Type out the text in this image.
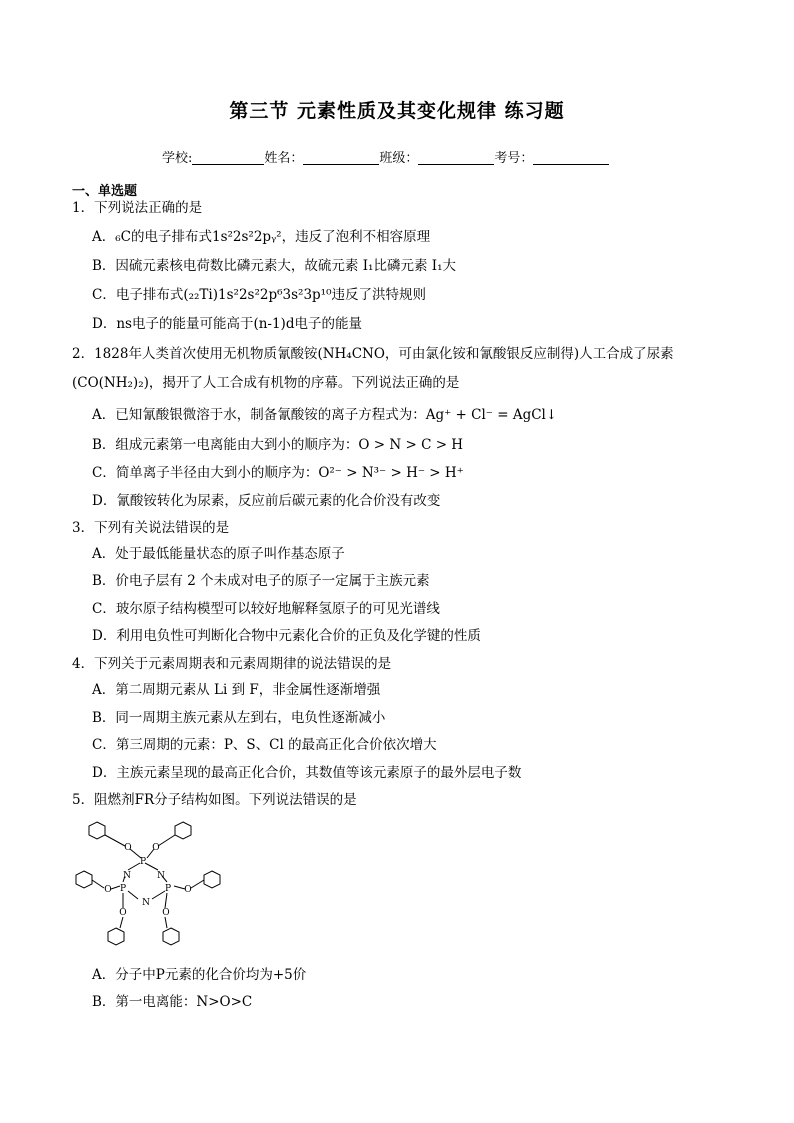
第三节 元素性质及其变化规律 练习题
学校:	姓名：	班级：	考号：
一、单选题
1．下列说法正确的是
A．₆C的电子排布式1s²2s²2pᵧ²，违反了泡利不相容原理
B．因硫元素核电荷数比磷元素大，故硫元素 I₁比磷元素 I₁大
C．电子排布式(₂₂Ti)1s²2s²2p⁶3s²3p¹⁰违反了洪特规则
D．ns电子的能量可能高于(n-1)d电子的能量
2．1828年人类首次使用无机物质氰酸铵(NH₄CNO，可由氯化铵和氰酸银反应制得)人工合成了尿素
(CO(NH₂)₂)，揭开了人工合成有机物的序幕。下列说法正确的是
A．已知氰酸银微溶于水，制备氰酸铵的离子方程式为：Ag⁺ + Cl⁻ = AgCl↓
B．组成元素第一电离能由大到小的顺序为：O > N > C > H
C．简单离子半径由大到小的顺序为：O²⁻ > N³⁻ > H⁻ > H⁺
D．氰酸铵转化为尿素，反应前后碳元素的化合价没有改变
3．下列有关说法错误的是
A．处于最低能量状态的原子叫作基态原子
B．价电子层有 2 个未成对电子的原子一定属于主族元素
C．玻尔原子结构模型可以较好地解释氢原子的可见光谱线
D．利用电负性可判断化合物中元素化合价的正负及化学键的性质
4．下列关于元素周期表和元素周期律的说法错误的是
A．第二周期元素从 Li 到 F，非金属性逐渐增强
B．同一周期主族元素从左到右，电负性逐渐减小
C．第三周期的元素：P、S、Cl 的最高正化合价依次增大
D．主族元素呈现的最高正化合价，其数值等该元素原子的最外层电子数
5．阻燃剂FR分子结构如图。下列说法错误的是
O O
O	O
O	O
P
P	P
N	N
N
A．分子中P元素的化合价均为+5价
B．第一电离能：N>O>C
